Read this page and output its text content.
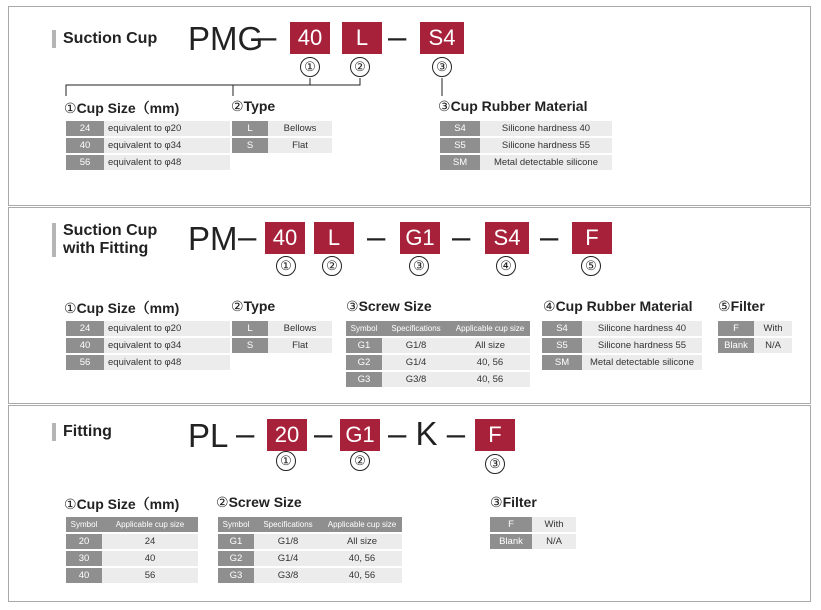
Suction Cup PMG
– 40	L –	S4
①	②	③
①Cup Size（mm)
24	equivalent to φ20
40	equivalent to φ34
56	equivalent to φ48
②Type
L	Bellows
S	Flat
③Cup Rubber Material
S4	Silicone hardness 40
S5	Silicone hardness 55
SM	Metal detectable silicone
Suction Cup
with Fitting PM – 40	L – G1 –	S4 –	F
①	②	③	④	⑤
①Cup Size（mm)
24	equivalent to φ20
40	equivalent to φ34
56	equivalent to φ48
②Type
L	Bellows
S	Flat
③Screw Size
Symbol	Specifications	Applicable cup size
G1	G1/8	All size
G2	G1/4	40, 56
G3	G3/8	40, 56
④Cup Rubber Material
S4	Silicone hardness 40
S5	Silicone hardness 55
SM	Metal detectable silicone
⑤Filter
F	With
Blank	N/A
Fitting PL – 20 – G1 – K –	F
①	②	③
①Cup Size（mm)
Symbol	Applicable cup size
20	24
30	40
40	56
②Screw Size
Symbol	Specifications	Applicable cup size
G1	G1/8	All size
G2	G1/4	40, 56
G3	G3/8	40, 56
③Filter
F	With
Blank	N/A
